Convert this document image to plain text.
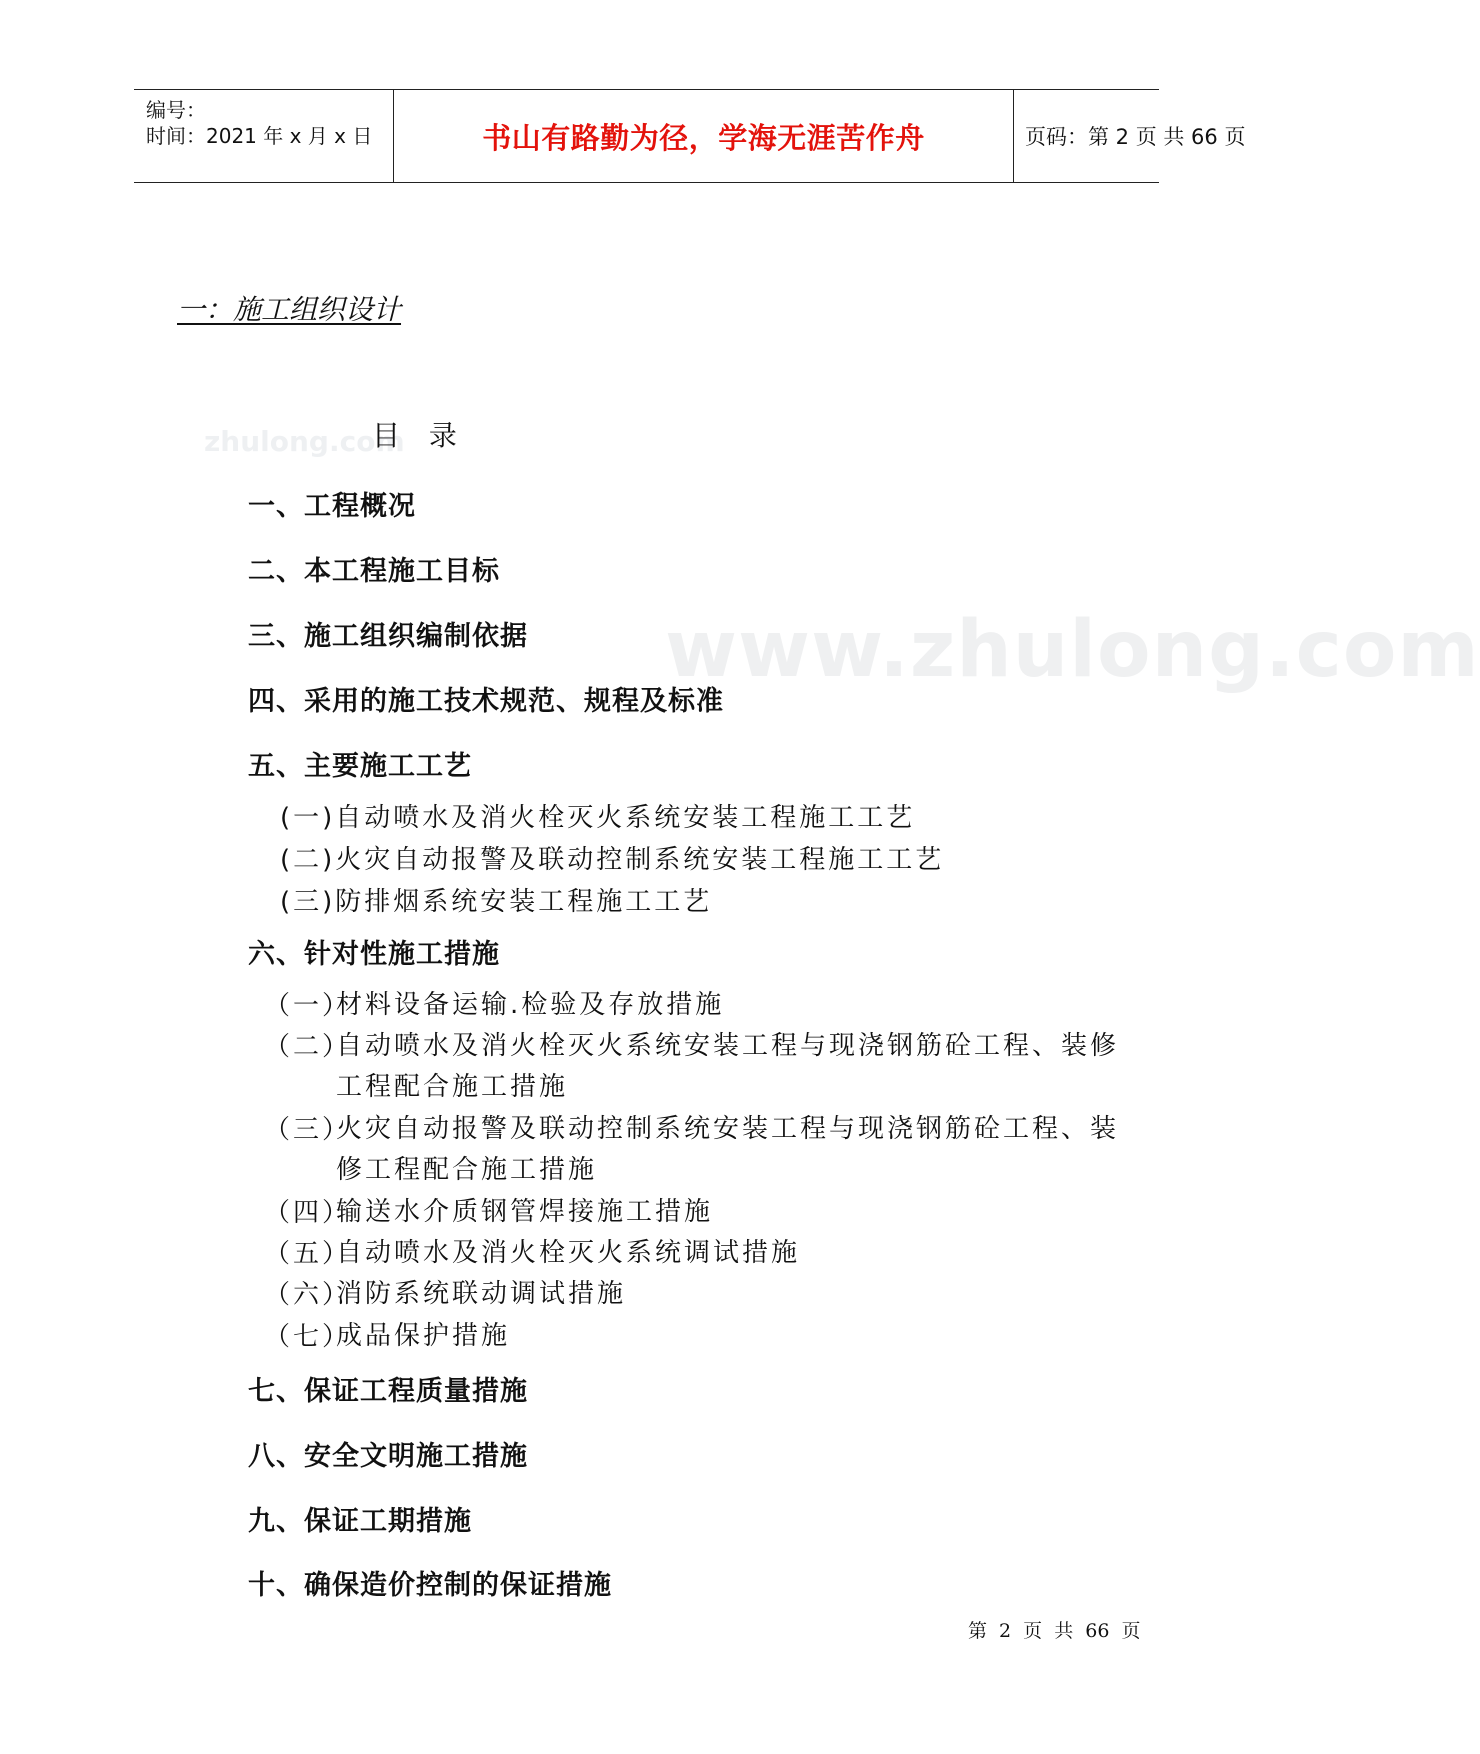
编号：
时间：2021 年 x 月 x 日	书山有路勤为径，学海无涯苦作舟	页码：第 2 页 共 66 页
一：施工组织设计
zhulong.com
www.zhulong.com
目 录
一、工程概况
二、本工程施工目标
三、施工组织编制依据
四、采用的施工技术规范、规程及标准
五、主要施工工艺
(一)自动喷水及消火栓灭火系统安装工程施工工艺
(二)火灾自动报警及联动控制系统安装工程施工工艺
(三)防排烟系统安装工程施工工艺
六、针对性施工措施
（一）
材料设备运输.检验及存放措施
（二）
自动喷水及消火栓灭火系统安装工程与现浇钢筋砼工程、装修工程配合施工措施
（三）
火灾自动报警及联动控制系统安装工程与现浇钢筋砼工程、装修工程配合施工措施
（四）
输送水介质钢管焊接施工措施
（五）
自动喷水及消火栓灭火系统调试措施
（六）
消防系统联动调试措施
（七）
成品保护措施
七、保证工程质量措施
八、安全文明施工措施
九、保证工期措施
十、确保造价控制的保证措施
第 2 页 共 66 页
